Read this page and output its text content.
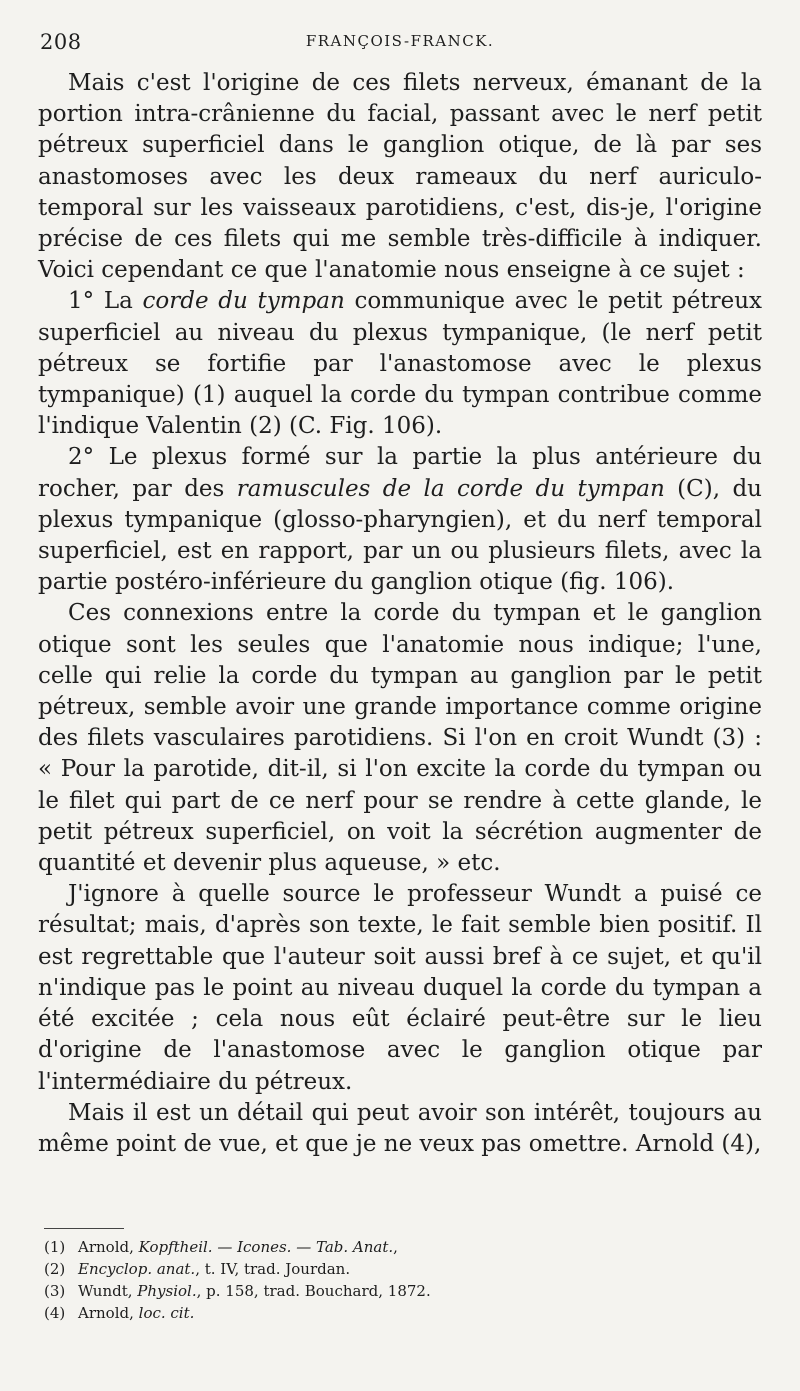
208	FRANÇOIS-FRANCK.

Mais c'est l'origine de ces filets nerveux, émanant de la portion intra-crânienne du facial, passant avec le nerf petit pétreux superficiel dans le ganglion otique, de là par ses anastomoses avec les deux rameaux du nerf auriculo-temporal sur les vaisseaux parotidiens, c'est, dis-je, l'origine précise de ces filets qui me semble très-difficile à indiquer. Voici cependant ce que l'anatomie nous enseigne à ce sujet :

1° La corde du tympan communique avec le petit pétreux superficiel au niveau du plexus tympanique, (le nerf petit pétreux se fortifie par l'anastomose avec le plexus tympanique) (1) auquel la corde du tympan contribue comme l'indique Valentin (2) (C. Fig. 106).

2° Le plexus formé sur la partie la plus antérieure du rocher, par des ramuscules de la corde du tympan (C), du plexus tympanique (glosso-pharyngien), et du nerf temporal superficiel, est en rapport, par un ou plusieurs filets, avec la partie postéro-inférieure du ganglion otique (fig. 106).

Ces connexions entre la corde du tympan et le ganglion otique sont les seules que l'anatomie nous indique; l'une, celle qui relie la corde du tympan au ganglion par le petit pétreux, semble avoir une grande importance comme origine des filets vasculaires parotidiens. Si l'on en croit Wundt (3) : « Pour la parotide, dit-il, si l'on excite la corde du tympan ou le filet qui part de ce nerf pour se rendre à cette glande, le petit pétreux superficiel, on voit la sécrétion augmenter de quantité et devenir plus aqueuse, » etc.

J'ignore à quelle source le professeur Wundt a puisé ce résultat; mais, d'après son texte, le fait semble bien positif. Il est regrettable que l'auteur soit aussi bref à ce sujet, et qu'il n'indique pas le point au niveau duquel la corde du tympan a été excitée ; cela nous eût éclairé peut-être sur le lieu d'origine de l'anastomose avec le ganglion otique par l'intermédiaire du pétreux.

Mais il est un détail qui peut avoir son intérêt, toujours au même point de vue, et que je ne veux pas omettre. Arnold (4),

(1) Arnold, Kopftheil. — Icones. — Tab. Anat.,
(2) Encyclop. anat., t. IV, trad. Jourdan.
(3) Wundt, Physiol., p. 158, trad. Bouchard, 1872.
(4) Arnold, loc. cit.
